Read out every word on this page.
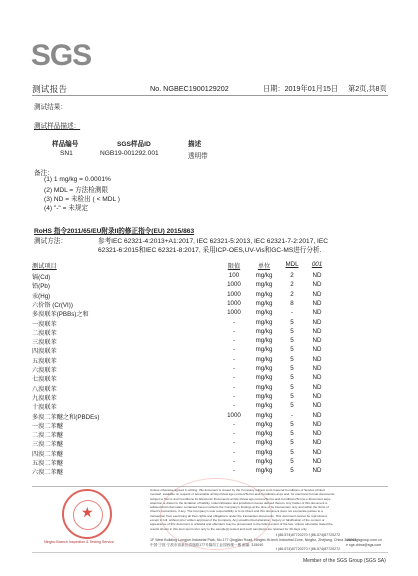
SGS
测试报告	No. NGBEC1900129202	日期：2019年01月15日 第2页,共8页
测试结果：
测试样品描述：
样品编号	SGS样品ID	描述
SN1	NGB19-001292.001	透明带
备注：
(1) 1 mg/kg = 0.0001%
(2) MDL = 方法检测限
(3) ND = 未检出 ( < MDL )
(4) "-" = 未规定
RoHS 指令2011/65/EU附录II的修正指令(EU) 2015/863
测试方法：	参考IEC 62321-4:2013+A1:2017, IEC 62321-5:2013, IEC 62321-7-2:2017, IEC
62321-6:2015和IEC 62321-8:2017, 采用ICP-OES,UV-Vis和GC-MS进行分析.
测试项目	限值	单位	MDL	001
镉(Cd)	100	mg/kg	2	ND
铅(Pb)	1000	mg/kg	2	ND
汞(Hg)	1000	mg/kg	2	ND
六价铬 (Cr(VI))	1000	mg/kg	8	ND
多溴联苯(PBBs)之和	1000	mg/kg	-	ND
一溴联苯	-	mg/kg	5	ND
二溴联苯	-	mg/kg	5	ND
三溴联苯	-	mg/kg	5	ND
四溴联苯	-	mg/kg	5	ND
五溴联苯	-	mg/kg	5	ND
六溴联苯	-	mg/kg	5	ND
七溴联苯	-	mg/kg	5	ND
八溴联苯	-	mg/kg	5	ND
九溴联苯	-	mg/kg	5	ND
十溴联苯	-	mg/kg	5	ND
多溴二苯醚之和(PBDEs)	1000	mg/kg	-	ND
一溴二苯醚	-	mg/kg	5	ND
二溴二苯醚	-	mg/kg	5	ND
三溴二苯醚	-	mg/kg	5	ND
四溴二苯醚	-	mg/kg	5	ND
五溴二苯醚	-	mg/kg	5	ND
六溴二苯醚	-	mg/kg	5	ND
★
Ningbo Branch Inspection & Testing Service
Unless otherwise agreed in writing, this document is issued by the Company subject to its General Conditions of Service printed
overleaf, available on request or accessible at http://www.sgs.com/en/Terms-and-Conditions.aspx and, for electronic format documents,
subject to Terms and Conditions for Electronic Documents at http://www.sgs.com/en/Terms-and-Conditions/Terms-e-Document.aspx.
Attention is drawn to the limitation of liability, indemnification and jurisdiction issues defined therein. Any holder of this document is
advised that information contained hereon reflects the Company's findings at the time of its intervention only and within the limits of
Client's instructions, if any. The Company's sole responsibility is to its Client and this document does not exonerate parties to a
transaction from exercising all their rights and obligations under the transaction documents. This document cannot be reproduced
except in full, without prior written approval of the Company. Any unauthorized alteration, forgery or falsification of the content or
appearance of this document is unlawful and offenders may be prosecuted to the fullest extent of the law. Unless otherwise stated the
results shown in this test report refer only to the sample(s) tested and such sample(s) are retained for 30 days only.
1F West Building Longjun Industrial Park, No.177 Qingjian Road, Ningbo Hi-tech Industrial Zone, Ningbo, Zhejiang, China 315040
中国·宁波·宁波市高新区清逸路177号隆均工业园西楼一楼 邮编: 315040
t (86-574)87720270 f (86-574)87720272
t (86-574)87720270 f (86-574)87720272
www.sgsgroup.com.cn
e sgs.china@sgs.com
Member of the SGS Group (SGS SA)
